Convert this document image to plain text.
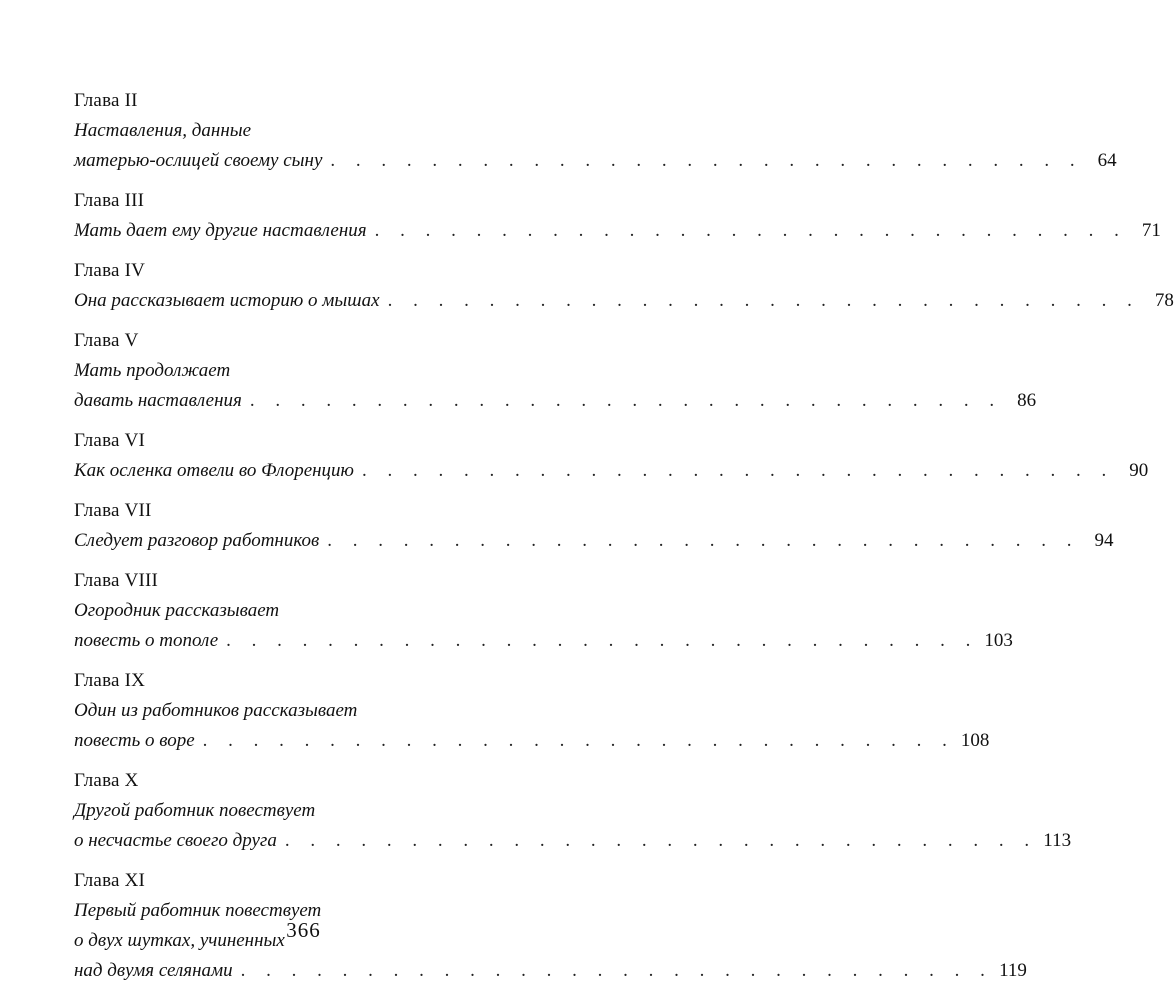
Глава II
Наставления, данные
матерью-ослицей своему сыну . . . . . . . . . . . . . . . . . . . . . . . . . . . . . . 64
Глава III
Мать дает ему другие наставления . . . . . . . . . . . . . . . . . . . . . . . . . . . . . . 71
Глава IV
Она рассказывает историю о мышах . . . . . . . . . . . . . . . . . . . . . . . . . . . . . . 78
Глава V
Мать продолжает
давать наставления . . . . . . . . . . . . . . . . . . . . . . . . . . . . . . 86
Глава VI
Как осленка отвели во Флоренцию . . . . . . . . . . . . . . . . . . . . . . . . . . . . . . 90
Глава VII
Следует разговор работников . . . . . . . . . . . . . . . . . . . . . . . . . . . . . . 94
Глава VIII
Огородник рассказывает
повесть о тополе . . . . . . . . . . . . . . . . . . . . . . . . . . . . . . 103
Глава IX
Один из работников рассказывает
повесть о воре . . . . . . . . . . . . . . . . . . . . . . . . . . . . . . 108
Глава X
Другой работник повествует
о несчастье своего друга . . . . . . . . . . . . . . . . . . . . . . . . . . . . . . 113
Глава XI
Первый работник повествует
о двух шутках, учиненных
над двумя селянами . . . . . . . . . . . . . . . . . . . . . . . . . . . . . . 119
366
